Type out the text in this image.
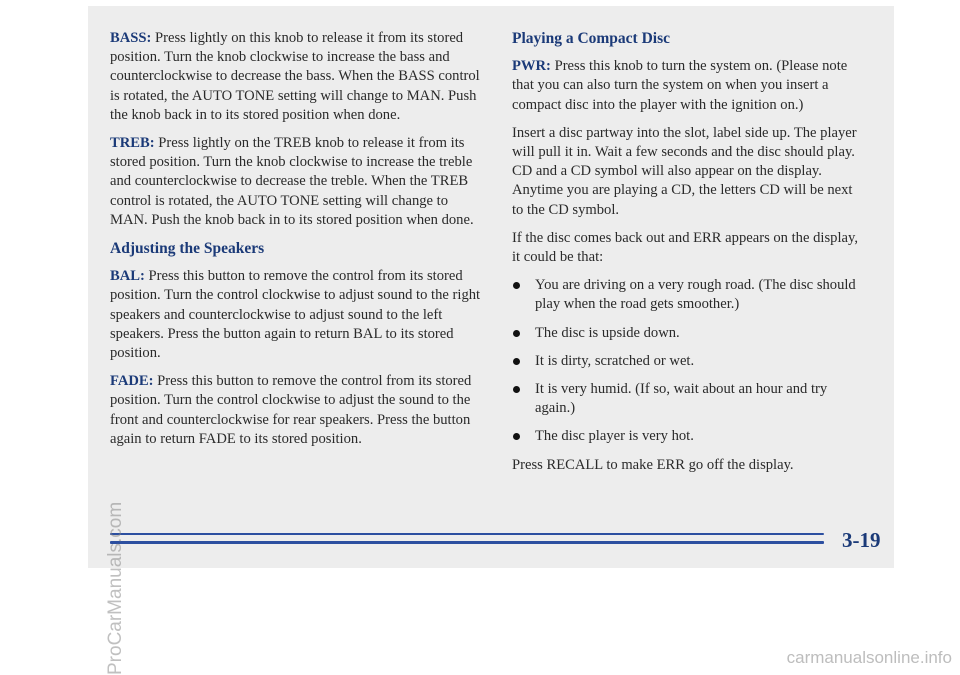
BASS: Press lightly on this knob to release it from its stored position. Turn the knob clockwise to increase the bass and counterclockwise to decrease the bass. When the BASS control is rotated, the AUTO TONE setting will change to MAN. Push the knob back in to its stored position when done.

TREB: Press lightly on the TREB knob to release it from its stored position. Turn the knob clockwise to increase the treble and counterclockwise to decrease the treble. When the TREB control is rotated, the AUTO TONE setting will change to MAN. Push the knob back in to its stored position when done.

Adjusting the Speakers

BAL: Press this button to remove the control from its stored position. Turn the control clockwise to adjust sound to the right speakers and counterclockwise to adjust sound to the left speakers. Press the button again to return BAL to its stored position.

FADE: Press this button to remove the control from its stored position. Turn the control clockwise to adjust the sound to the front and counterclockwise for rear speakers. Press the button again to return FADE to its stored position.

Playing a Compact Disc

PWR: Press this knob to turn the system on. (Please note that you can also turn the system on when you insert a compact disc into the player with the ignition on.)

Insert a disc partway into the slot, label side up. The player will pull it in. Wait a few seconds and the disc should play. CD and a CD symbol will also appear on the display. Anytime you are playing a CD, the letters CD will be next to the CD symbol.

If the disc comes back out and ERR appears on the display, it could be that:

You are driving on a very rough road. (The disc should play when the road gets smoother.)
The disc is upside down.
It is dirty, scratched or wet.
It is very humid. (If so, wait about an hour and try again.)
The disc player is very hot.

Press RECALL to make ERR go off the display.

3-19
ProCarManuals.com	carmanualsonline.info
